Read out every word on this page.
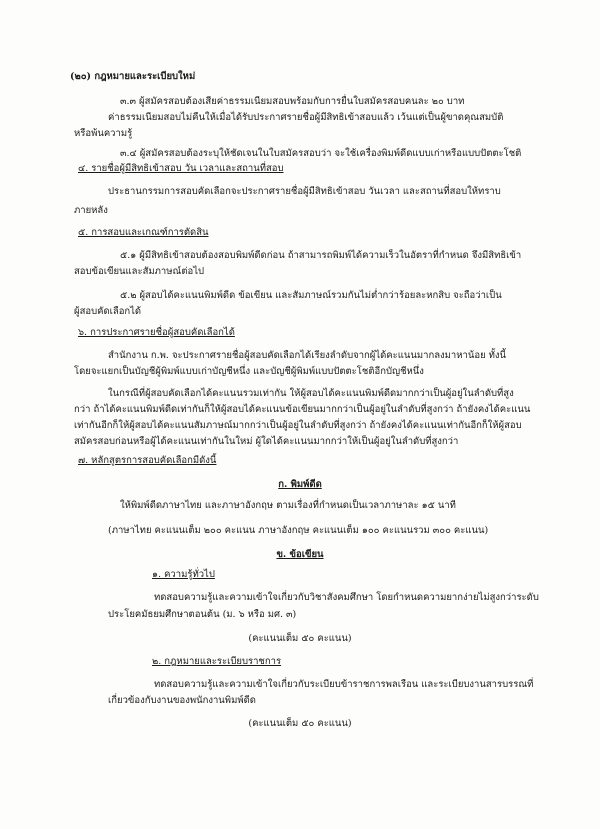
(๒๐) กฎหมายและระเบียบใหม่
๓.๓ ผู้สมัครสอบต้องเสียค่าธรรมเนียมสอบพร้อมกับการยื่นใบสมัครสอบคนละ ๒๐ บาท
ค่าธรรมเนียมสอบไม่คืนให้เมื่อได้รับประกาศรายชื่อผู้มีสิทธิเข้าสอบแล้ว เว้นแต่เป็นผู้ขาดคุณสมบัติ
หรือพ้นความรู้
๓.๔ ผู้สมัครสอบต้องระบุให้ชัดเจนในใบสมัครสอบว่า จะใช้เครื่องพิมพ์ดีดแบบเก่าหรือแบบปัตตะโชติ
๔. รายชื่อผู้มีสิทธิเข้าสอบ วัน เวลาและสถานที่สอบ
ประธานกรรมการสอบคัดเลือกจะประกาศรายชื่อผู้มีสิทธิเข้าสอบ วันเวลา และสถานที่สอบให้ทราบ
ภายหลัง
๕. การสอบและเกณฑ์การตัดสิน
๕.๑ ผู้มีสิทธิเข้าสอบต้องสอบพิมพ์ดีดก่อน ถ้าสามารถพิมพ์ได้ความเร็วในอัตราที่กำหนด จึงมีสิทธิเข้า
สอบข้อเขียนและสัมภาษณ์ต่อไป
๕.๒ ผู้สอบได้คะแนนพิมพ์ดีด ข้อเขียน และสัมภาษณ์รวมกันไม่ต่ำกว่าร้อยละหกสิบ จะถือว่าเป็น
ผู้สอบคัดเลือกได้
๖. การประกาศรายชื่อผู้สอบคัดเลือกได้
สำนักงาน ก.พ. จะประกาศรายชื่อผู้สอบคัดเลือกได้เรียงลำดับจากผู้ได้คะแนนมากลงมาหาน้อย ทั้งนี้
โดยจะแยกเป็นบัญชีผู้พิมพ์แบบเก่าบัญชีหนึ่ง และบัญชีผู้พิมพ์แบบปัตตะโชติอีกบัญชีหนึ่ง
ในกรณีที่ผู้สอบคัดเลือกได้คะแนนรวมเท่ากัน ให้ผู้สอบได้คะแนนพิมพ์ดีดมากกว่าเป็นผู้อยู่ในลำดับที่สูง
กว่า ถ้าได้คะแนนพิมพ์ดีดเท่ากันก็ให้ผู้สอบได้คะแนนข้อเขียนมากกว่าเป็นผู้อยู่ในลำดับที่สูงกว่า ถ้ายังคงได้คะแนน
เท่ากันอีกก็ให้ผู้สอบได้คะแนนสัมภาษณ์มากกว่าเป็นผู้อยู่ในลำดับที่สูงกว่า ถ้ายังคงได้คะแนนเท่ากันอีกก็ให้ผู้สอบ
สมัครสอบก่อนหรือผู้ได้คะแนนเท่ากันในใหม่ ผู้ใดได้คะแนนมากกว่าให้เป็นผู้อยู่ในลำดับที่สูงกว่า
๗. หลักสูตรการสอบคัดเลือกมีดังนี้
ก. พิมพ์ดีด
ให้พิมพ์ดีดภาษาไทย และภาษาอังกฤษ ตามเรื่องที่กำหนดเป็นเวลาภาษาละ ๑๕ นาที
(ภาษาไทย คะแนนเต็ม ๒๐๐ คะแนน ภาษาอังกฤษ คะแนนเต็ม ๑๐๐ คะแนนรวม ๓๐๐ คะแนน)
ข. ข้อเขียน
๑. ความรู้ทั่วไป
ทดสอบความรู้และความเข้าใจเกี่ยวกับวิชาสังคมศึกษา โดยกำหนดความยากง่ายไม่สูงกว่าระดับ
ประโยคมัธยมศึกษาตอนต้น (ม. ๖ หรือ มศ. ๓)
(คะแนนเต็ม ๕๐ คะแนน)
๒. กฎหมายและระเบียบราชการ
ทดสอบความรู้และความเข้าใจเกี่ยวกับระเบียบข้าราชการพลเรือน และระเบียบงานสารบรรณที่
เกี่ยวข้องกับงานของพนักงานพิมพ์ดีด
(คะแนนเต็ม ๕๐ คะแนน)
